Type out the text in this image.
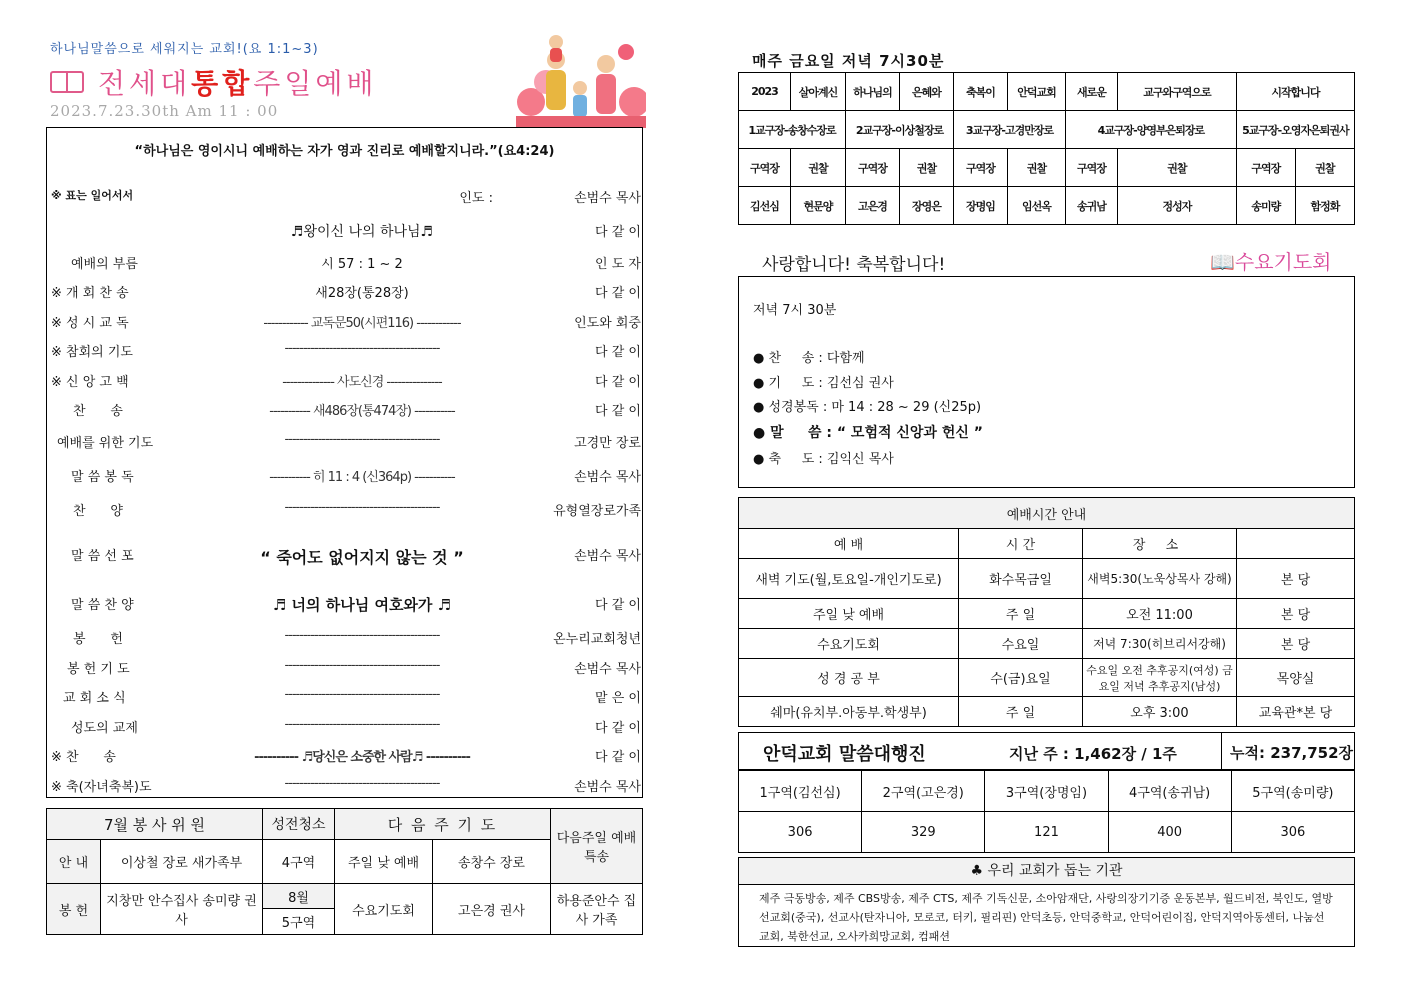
하나님말씀으로 세워지는 교회!(요 1:1~3)
전세대통합주일예배
2023.7.23.30th Am 11 : 00
“하나님은 영이시니 예배하는 자가 영과 진리로 예배할지니라.”(요4:24)
※ 표는 일어서서	인도 :	손범수 목사
♬왕이신 나의 하나님♬	다 같 이
예배의 부름	시 57 : 1 ~ 2	인 도 자
※ 개 회 찬 송	새28장(통28장)	다 같 이
※ 성 시 교 독	------------ 교독문50(시편116) ------------	인도와 회중
※ 참회의 기도	------------------------------------------	다 같 이
※ 신 앙 고 백	-------------- 사도신경 ---------------	다 같 이
찬      송	----------- 새486장(통474장) -----------	다 같 이
예배를 위한 기도	------------------------------------------	고경만 장로
말 씀 봉 독	----------- 히 11 : 4 (신364p) -----------	손범수 목사
찬      양	------------------------------------------	유형열장로가족
말 씀 선 포	“ 죽어도 없어지지 않는 것 ”	손범수 목사
말 씀 찬 양	♬ 너의 하나님 여호와가 ♬	다 같 이
봉      헌	------------------------------------------	온누리교회청년
봉 헌 기 도	------------------------------------------	손범수 목사
교 회 소 식	------------------------------------------	맡 은 이
성도의 교제	------------------------------------------	다 같 이
※ 찬      송	---------- ♬당신은 소중한 사람♬ ----------	다 같 이
※ 축(자녀축복)도	------------------------------------------	손범수 목사
7월 봉 사 위 원		성전청소	다 음 주 기 도		다음주일 예배특송
안 내	이상철 장로 새가족부	4구역	주일 낮 예배	송창수 장로	
봉 헌	지창만 안수집사 송미량 권사	8월	수요기도회	고은경 권사	하용준안수 집사 가족
		5구역			
매주 금요일 저녁 7시30분
2023	살아계신	하나님의	은혜와	축복이	안덕교회	새로운	교구와구역으로	시작합니다	
1교구장-송창수장로		2교구장-이상철장로		3교구장-고경만장로		4교구장-양영부은퇴장로		5교구장-오영자은퇴권사	
구역장	권찰	구역장	권찰	구역장	권찰	구역장	권찰	구역장	권찰
김선심	현문양	고은경	장영은	장명임	임선옥	송귀남	정성자	송미량	함정화
사랑합니다! 축복합니다!	📖수요기도회
저녁 7시 30분
● 찬     송 : 다함께
● 기     도 : 김선심 권사
● 성경봉독 : 마 14 : 28 ~ 29 (신25p)
● 말     씀 : “ 모험적 신앙과 헌신 ”
● 축     도 : 김익신 목사
예배시간 안내			
예 배	시 간	장 소	
새벽 기도(월,토요일-개인기도로)	화수목금일	새벽5:30(노욱상목사 강해)	본 당
주일 낮 예배	주 일	오전 11:00	본 당
수요기도회	수요일	저녁 7:30(히브리서강해)	본 당
성 경 공 부	수(금)요일	수요일 오전 추후공지(여성) 금요일 저녁 추후공지(남성)	목양실
쉐마(유치부.아동부.학생부)	주 일	오후 3:00	교육관*본 당
안덕교회 말씀대행진	지난 주 : 1,462장 / 1주	누적: 237,752장
1구역(김선심)	2구역(고은경)	3구역(장명임)	4구역(송귀남)	5구역(송미량)
306	329	121	400	306
♣ 우리 교회가 돕는 기관
제주 극동방송, 제주 CBS방송, 제주 CTS, 제주 기독신문, 소아암재단, 사랑의장기기증 운동본부, 월드비전, 북인도, 열방선교회(중국), 선교사(탄자니아, 모로코, 터키, 필리핀) 안덕초등, 안덕중학교, 안덕어린이집, 안덕지역아동센터, 나눔선교회, 북한선교, 오사카희망교회, 컴패션
